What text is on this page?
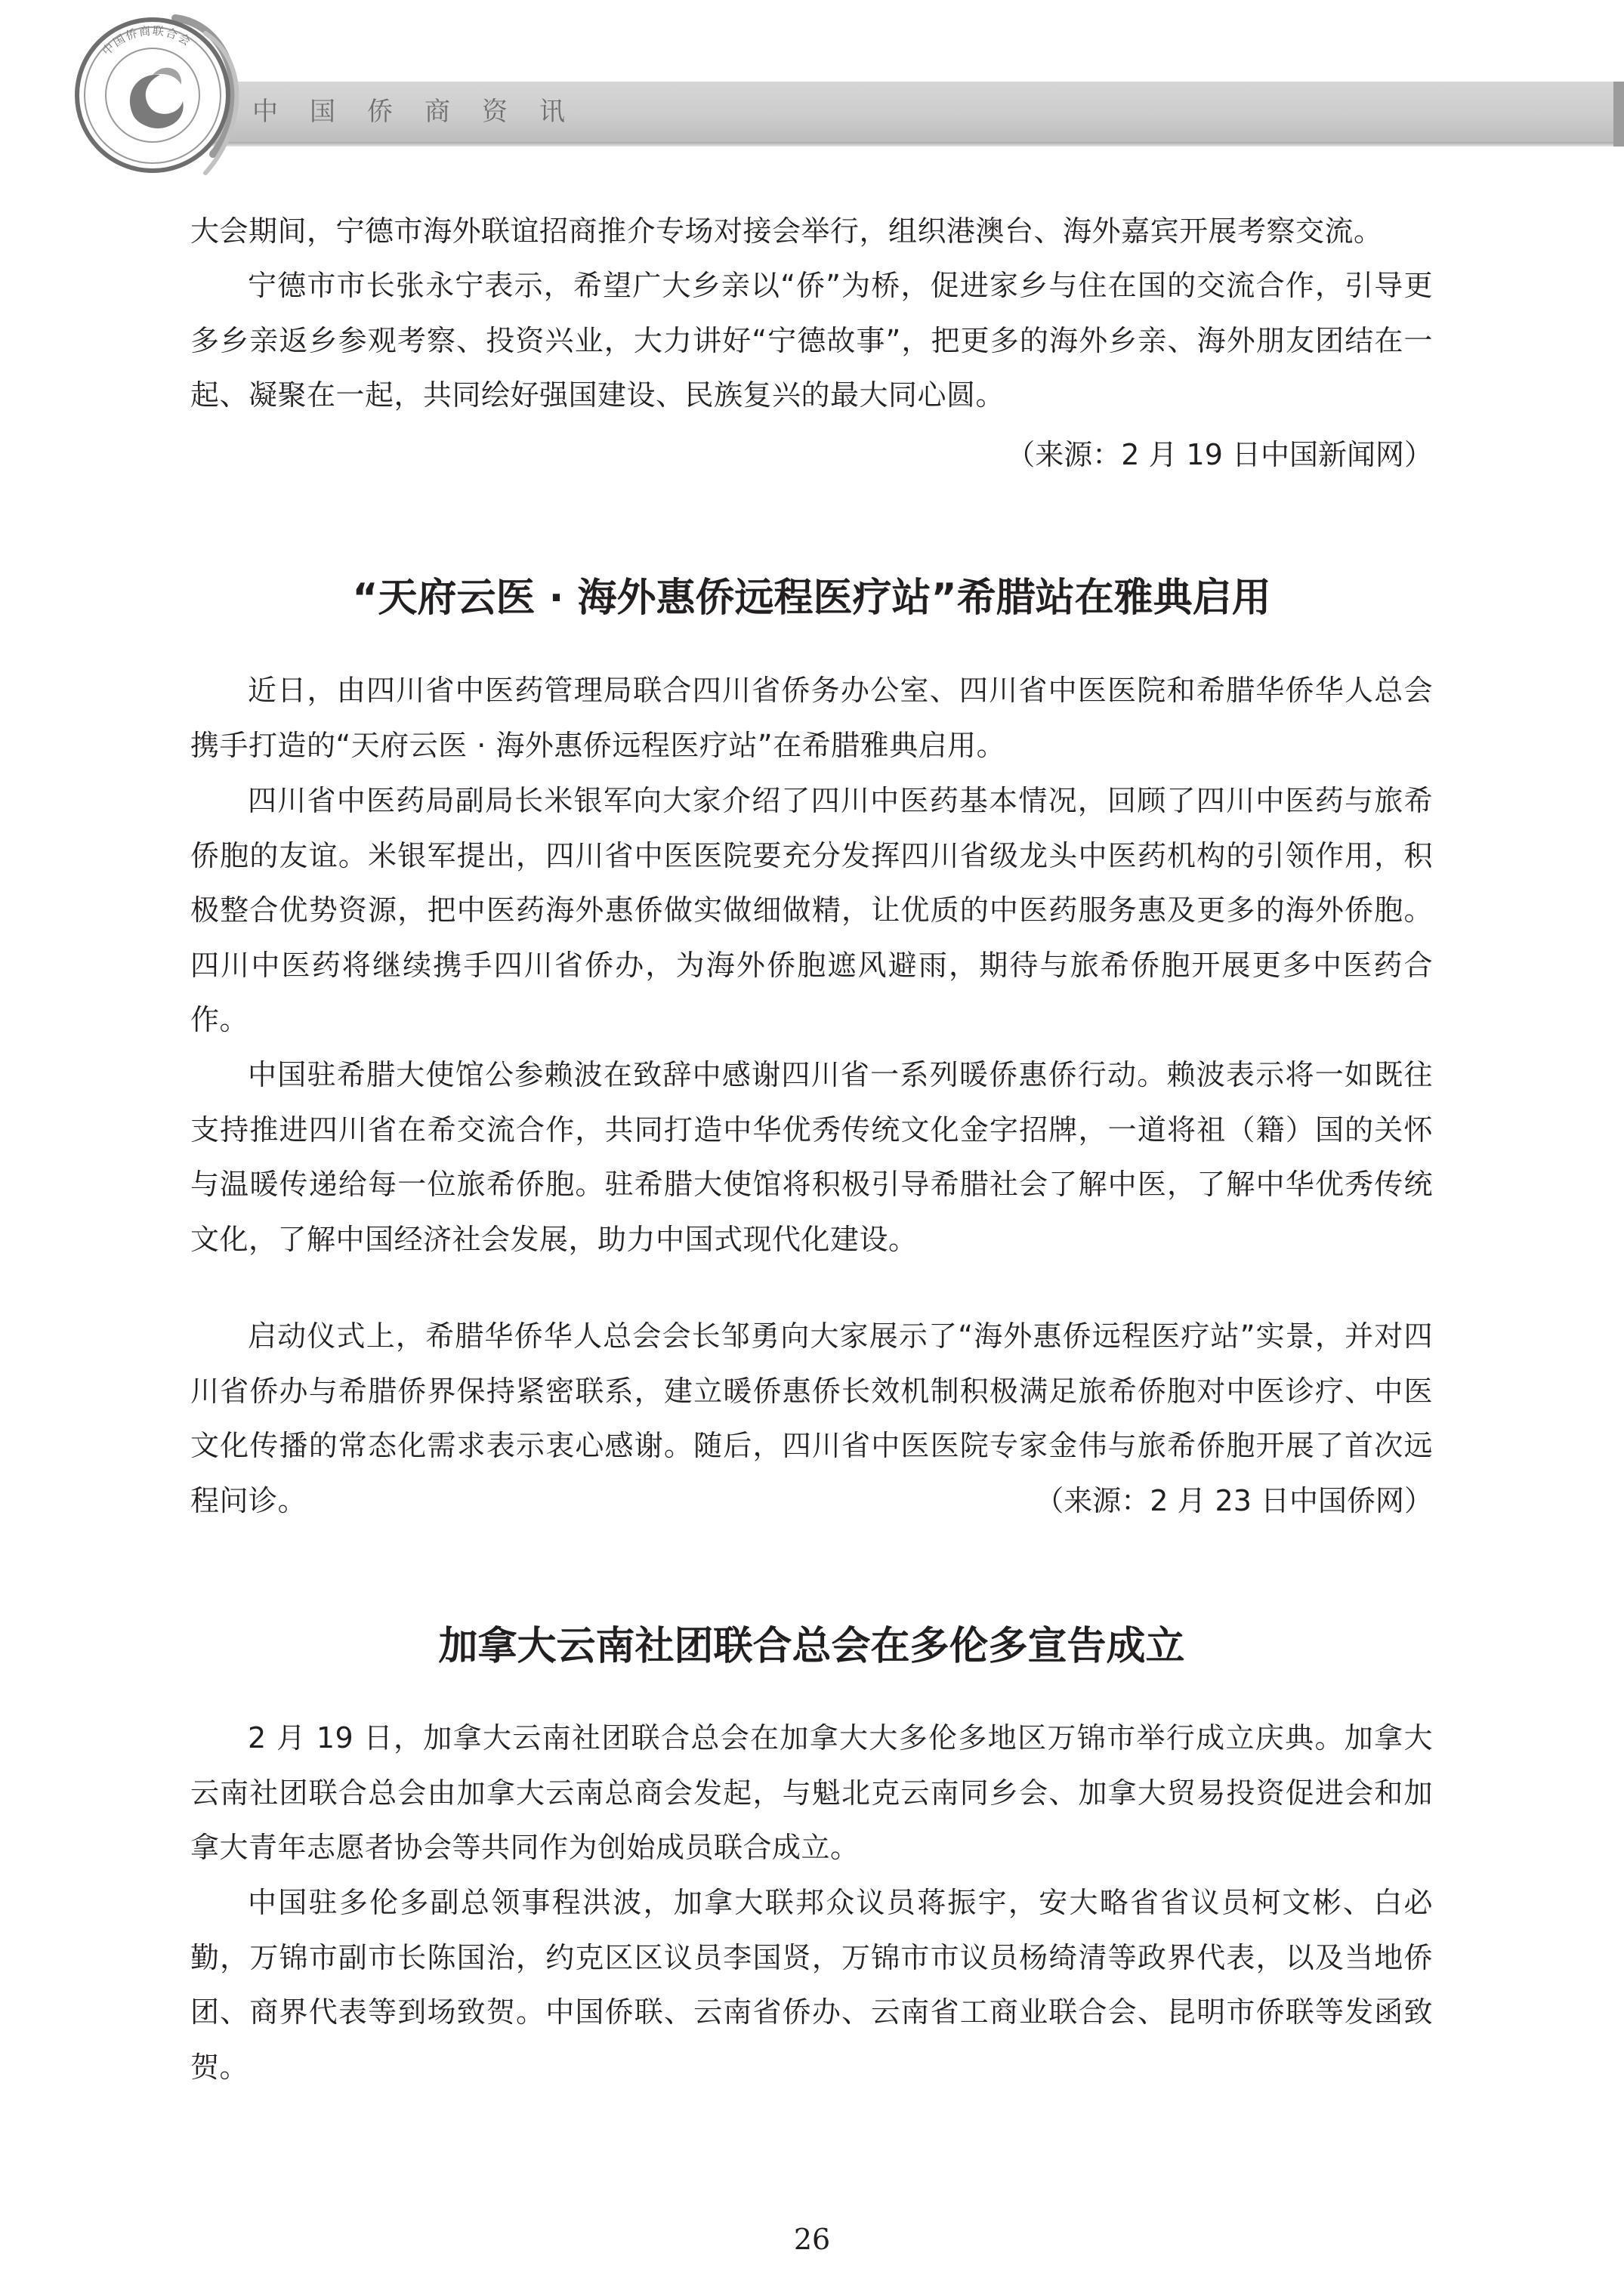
中国侨商资讯
中国侨商联合会
大会期间，宁德市海外联谊招商推介专场对接会举行，组织港澳台、海外嘉宾开展考察交流。
宁德市市长张永宁表示，希望广大乡亲以“侨”为桥，促进家乡与住在国的交流合作，引导更多乡亲返乡参观考察、投资兴业，大力讲好“宁德故事”，把更多的海外乡亲、海外朋友团结在一起、凝聚在一起，共同绘好强国建设、民族复兴的最大同心圆。
（来源：2 月 19 日中国新闻网）
“天府云医 · 海外惠侨远程医疗站”希腊站在雅典启用
近日，由四川省中医药管理局联合四川省侨务办公室、四川省中医医院和希腊华侨华人总会携手打造的“天府云医 · 海外惠侨远程医疗站”在希腊雅典启用。
四川省中医药局副局长米银军向大家介绍了四川中医药基本情况，回顾了四川中医药与旅希侨胞的友谊。米银军提出，四川省中医医院要充分发挥四川省级龙头中医药机构的引领作用，积极整合优势资源，把中医药海外惠侨做实做细做精，让优质的中医药服务惠及更多的海外侨胞。四川中医药将继续携手四川省侨办，为海外侨胞遮风避雨，期待与旅希侨胞开展更多中医药合作。
中国驻希腊大使馆公参赖波在致辞中感谢四川省一系列暖侨惠侨行动。赖波表示将一如既往支持推进四川省在希交流合作，共同打造中华优秀传统文化金字招牌，一道将祖（籍）国的关怀与温暖传递给每一位旅希侨胞。驻希腊大使馆将积极引导希腊社会了解中医，了解中华优秀传统文化，了解中国经济社会发展，助力中国式现代化建设。
启动仪式上，希腊华侨华人总会会长邹勇向大家展示了“海外惠侨远程医疗站”实景，并对四川省侨办与希腊侨界保持紧密联系，建立暖侨惠侨长效机制积极满足旅希侨胞对中医诊疗、中医文化传播的常态化需求表示衷心感谢。随后，四川省中医医院专家金伟与旅希侨胞开展了首次远程问诊。	（来源：2 月 23 日中国侨网）
加拿大云南社团联合总会在多伦多宣告成立
2 月 19 日，加拿大云南社团联合总会在加拿大大多伦多地区万锦市举行成立庆典。加拿大云南社团联合总会由加拿大云南总商会发起，与魁北克云南同乡会、加拿大贸易投资促进会和加拿大青年志愿者协会等共同作为创始成员联合成立。
中国驻多伦多副总领事程洪波，加拿大联邦众议员蒋振宇，安大略省省议员柯文彬、白必勤，万锦市副市长陈国治，约克区区议员李国贤，万锦市市议员杨绮清等政界代表，以及当地侨团、商界代表等到场致贺。中国侨联、云南省侨办、云南省工商业联合会、昆明市侨联等发函致贺。
26
